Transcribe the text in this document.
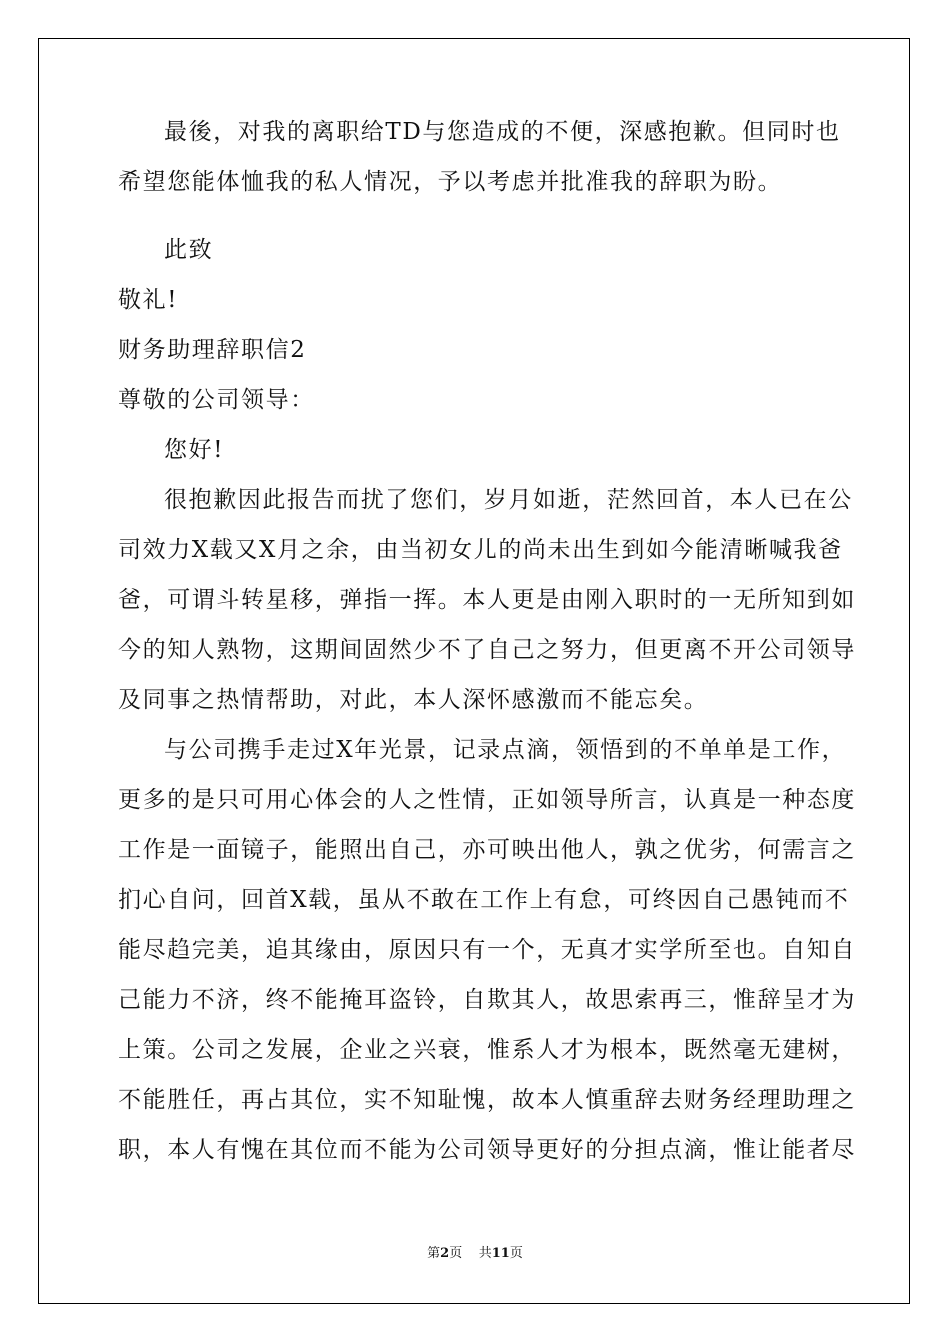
最後，对我的离职给TD与您造成的不便，深感抱歉。但同时也
希望您能体恤我的私人情况，予以考虑并批准我的辞职为盼。
此致
敬礼!
财务助理辞职信2
尊敬的公司领导：
您好!
很抱歉因此报告而扰了您们，岁月如逝，茫然回首，本人已在公
司效力X载又X月之余，由当初女儿的尚未出生到如今能清晰喊我爸
爸，可谓斗转星移，弹指一挥。本人更是由刚入职时的一无所知到如
今的知人熟物，这期间固然少不了自己之努力，但更离不开公司领导
及同事之热情帮助，对此，本人深怀感激而不能忘矣。
与公司携手走过X年光景，记录点滴，领悟到的不单单是工作，
更多的是只可用心体会的人之性情，正如领导所言，认真是一种态度
工作是一面镜子，能照出自己，亦可映出他人，孰之优劣，何需言之
扪心自问，回首X载，虽从不敢在工作上有怠，可终因自己愚钝而不
能尽趋完美，追其缘由，原因只有一个，无真才实学所至也。自知自
己能力不济，终不能掩耳盗铃，自欺其人，故思索再三，惟辞呈才为
上策。公司之发展，企业之兴衰，惟系人才为根本，既然毫无建树，
不能胜任，再占其位，实不知耻愧，故本人慎重辞去财务经理助理之
职，本人有愧在其位而不能为公司领导更好的分担点滴，惟让能者尽
第2页 共11页
